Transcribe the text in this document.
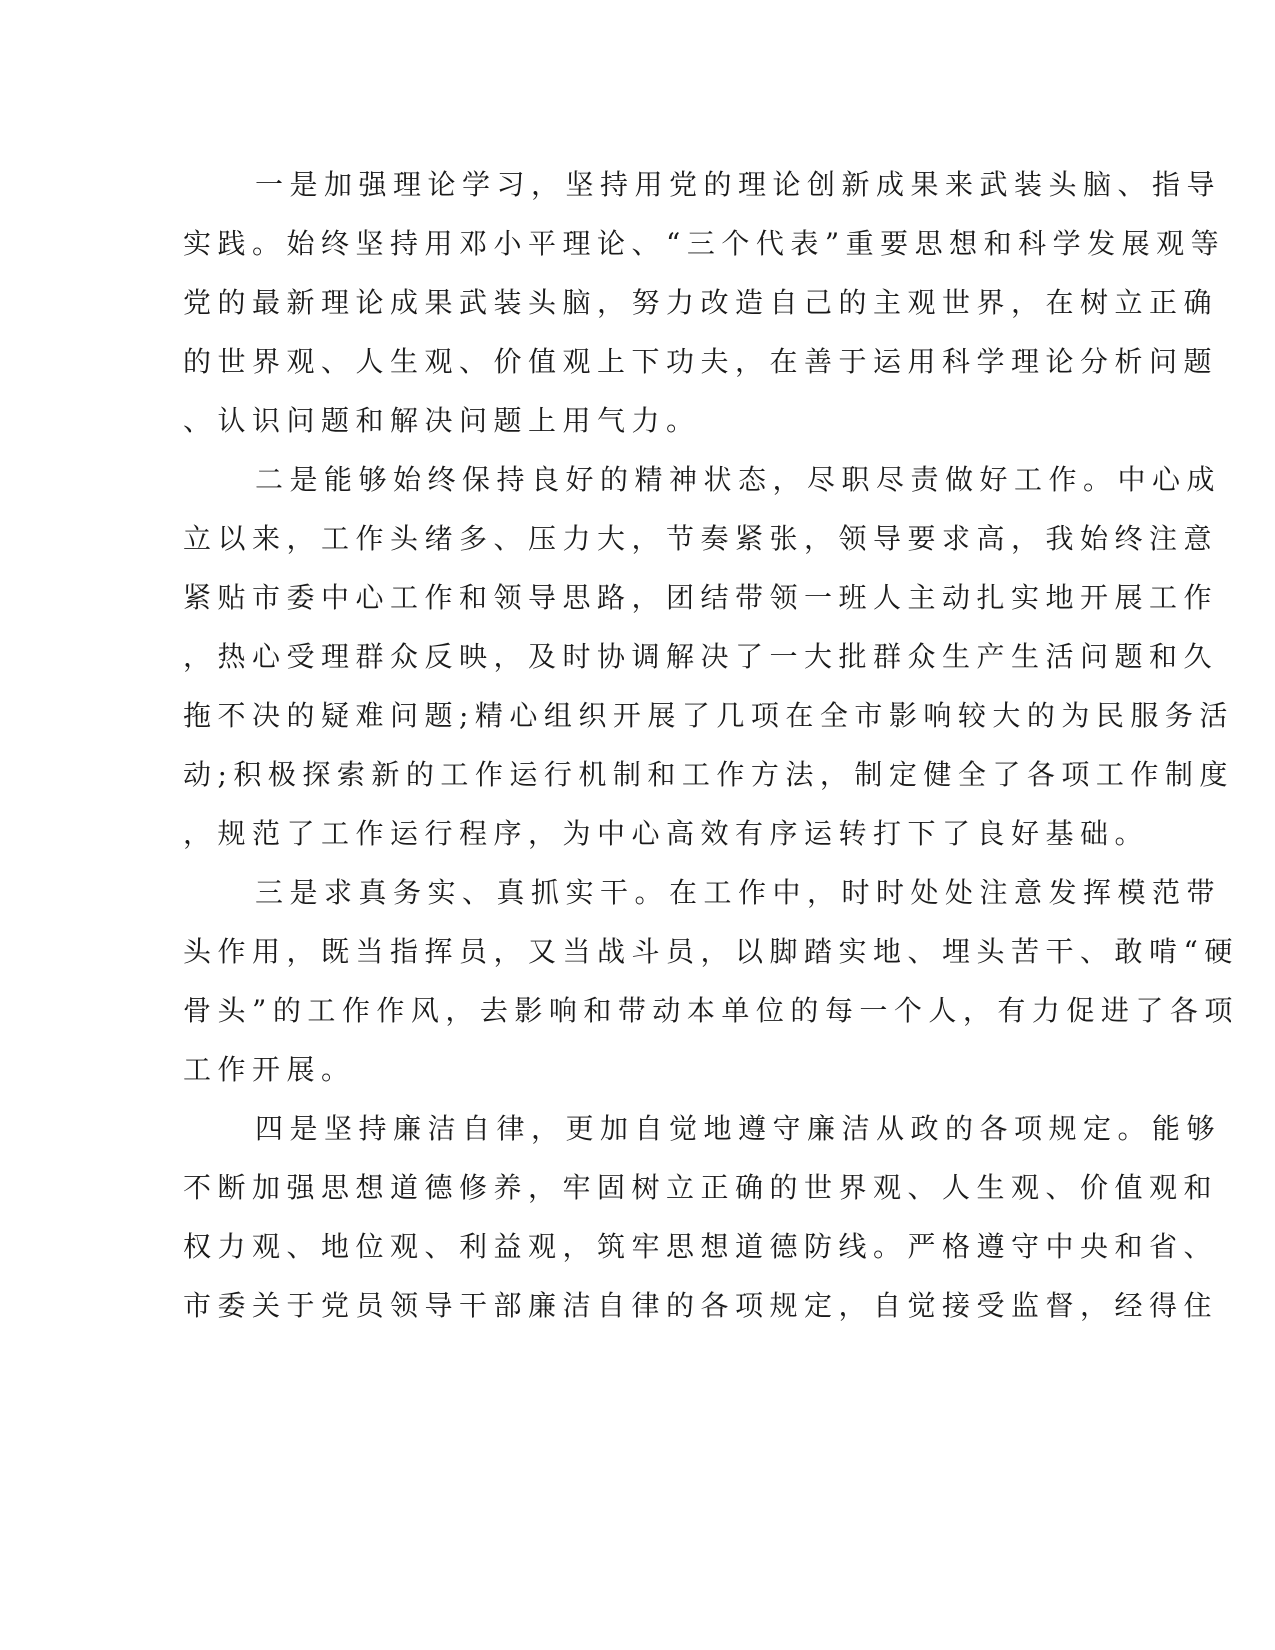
一是加强理论学习，坚持用党的理论创新成果来武装头脑、指导
实践。始终坚持用邓小平理论、“三个代表”重要思想和科学发展观等
党的最新理论成果武装头脑，努力改造自己的主观世界，在树立正确
的世界观、人生观、价值观上下功夫，在善于运用科学理论分析问题
、认识问题和解决问题上用气力。
二是能够始终保持良好的精神状态，尽职尽责做好工作。中心成
立以来，工作头绪多、压力大，节奏紧张，领导要求高，我始终注意
紧贴市委中心工作和领导思路，团结带领一班人主动扎实地开展工作
，热心受理群众反映，及时协调解决了一大批群众生产生活问题和久
拖不决的疑难问题;精心组织开展了几项在全市影响较大的为民服务活
动;积极探索新的工作运行机制和工作方法，制定健全了各项工作制度
，规范了工作运行程序，为中心高效有序运转打下了良好基础。
三是求真务实、真抓实干。在工作中，时时处处注意发挥模范带
头作用，既当指挥员，又当战斗员，以脚踏实地、埋头苦干、敢啃“硬
骨头”的工作作风，去影响和带动本单位的每一个人，有力促进了各项
工作开展。
四是坚持廉洁自律，更加自觉地遵守廉洁从政的各项规定。能够
不断加强思想道德修养，牢固树立正确的世界观、人生观、价值观和
权力观、地位观、利益观，筑牢思想道德防线。严格遵守中央和省、
市委关于党员领导干部廉洁自律的各项规定，自觉接受监督，经得住
